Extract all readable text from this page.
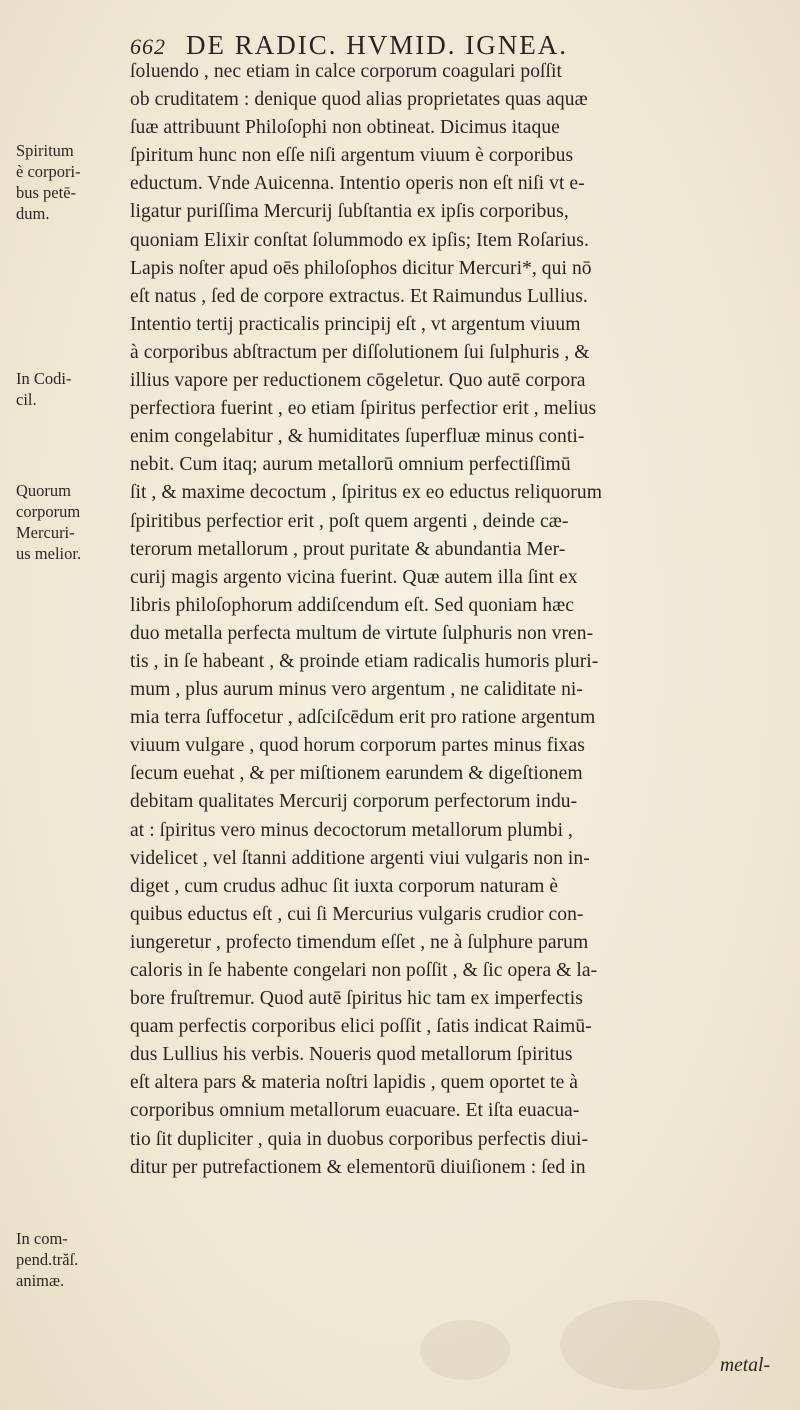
662 DE RADIC. HVMID. IGNEA.
Spiritum
è corpori-
bus petē-
dum.
In Codi-
cil.
Quorum
corporum
Mercuri-
us melior.
In com-
pend.trăſ.
animæ.
ſoluendo , nec etiam in calce corporum coagulari poſſit
ob cruditatem : denique quod alias proprietates quas aquæ
ſuæ attribuunt Philoſophi non obtineat. Dicimus itaque
ſpiritum hunc non eſſe niſi argentum viuum è corporibus
eductum. Vnde Auicenna. Intentio operis non eſt niſi vt e-
ligatur puriſſima Mercurij ſubſtantia ex ipſis corporibus,
quoniam Elixir conſtat ſolummodo ex ipſis; Item Roſarius.
Lapis noſter apud oēs philoſophos dicitur Mercuri*, qui nō
eſt natus , ſed de corpore extractus. Et Raimundus Lullius.
Intentio tertij practicalis principij eſt , vt argentum viuum
à corporibus abſtractum per diſſolutionem ſui ſulphuris , &
illius vapore per reductionem cōgeletur. Quo autē corpora
perfectiora fuerint , eo etiam ſpiritus perfectior erit , melius
enim congelabitur , & humiditates ſuperfluæ minus conti-
nebit. Cum itaq; aurum metallorū omnium perfectiſſimū
ſit , & maxime decoctum , ſpiritus ex eo eductus reliquorum
ſpiritibus perfectior erit , poſt quem argenti , deinde cæ-
terorum metallorum , prout puritate & abundantia Mer-
curij magis argento vicina fuerint. Quæ autem illa ſint ex
libris philoſophorum addiſcendum eſt. Sed quoniam hæc
duo metalla perfecta multum de virtute ſulphuris non vren-
tis , in ſe habeant , & proinde etiam radicalis humoris pluri-
mum , plus aurum minus vero argentum , ne caliditate ni-
mia terra ſuffocetur , adſciſcēdum erit pro ratione argentum
viuum vulgare , quod horum corporum partes minus fixas
ſecum euehat , & per miſtionem earundem & digeſtionem
debitam qualitates Mercurij corporum perfectorum indu-
at : ſpiritus vero minus decoctorum metallorum plumbi ,
videlicet , vel ſtanni additione argenti viui vulgaris non in-
diget , cum crudus adhuc ſit iuxta corporum naturam è
quibus eductus eſt , cui ſi Mercurius vulgaris crudior con-
iungeretur , profecto timendum eſſet , ne à ſulphure parum
caloris in ſe habente congelari non poſſit , & ſic opera & la-
bore fruſtremur. Quod autē ſpiritus hic tam ex imperfectis
quam perfectis corporibus elici poſſit , ſatis indicat Raimū-
dus Lullius his verbis. Noueris quod metallorum ſpiritus
eſt altera pars & materia noſtri lapidis , quem oportet te à
corporibus omnium metallorum euacuare. Et iſta euacua-
tio ſit dupliciter , quia in duobus corporibus perfectis diui-
ditur per putrefactionem & elementorū diuiſionem : ſed in
metal-
